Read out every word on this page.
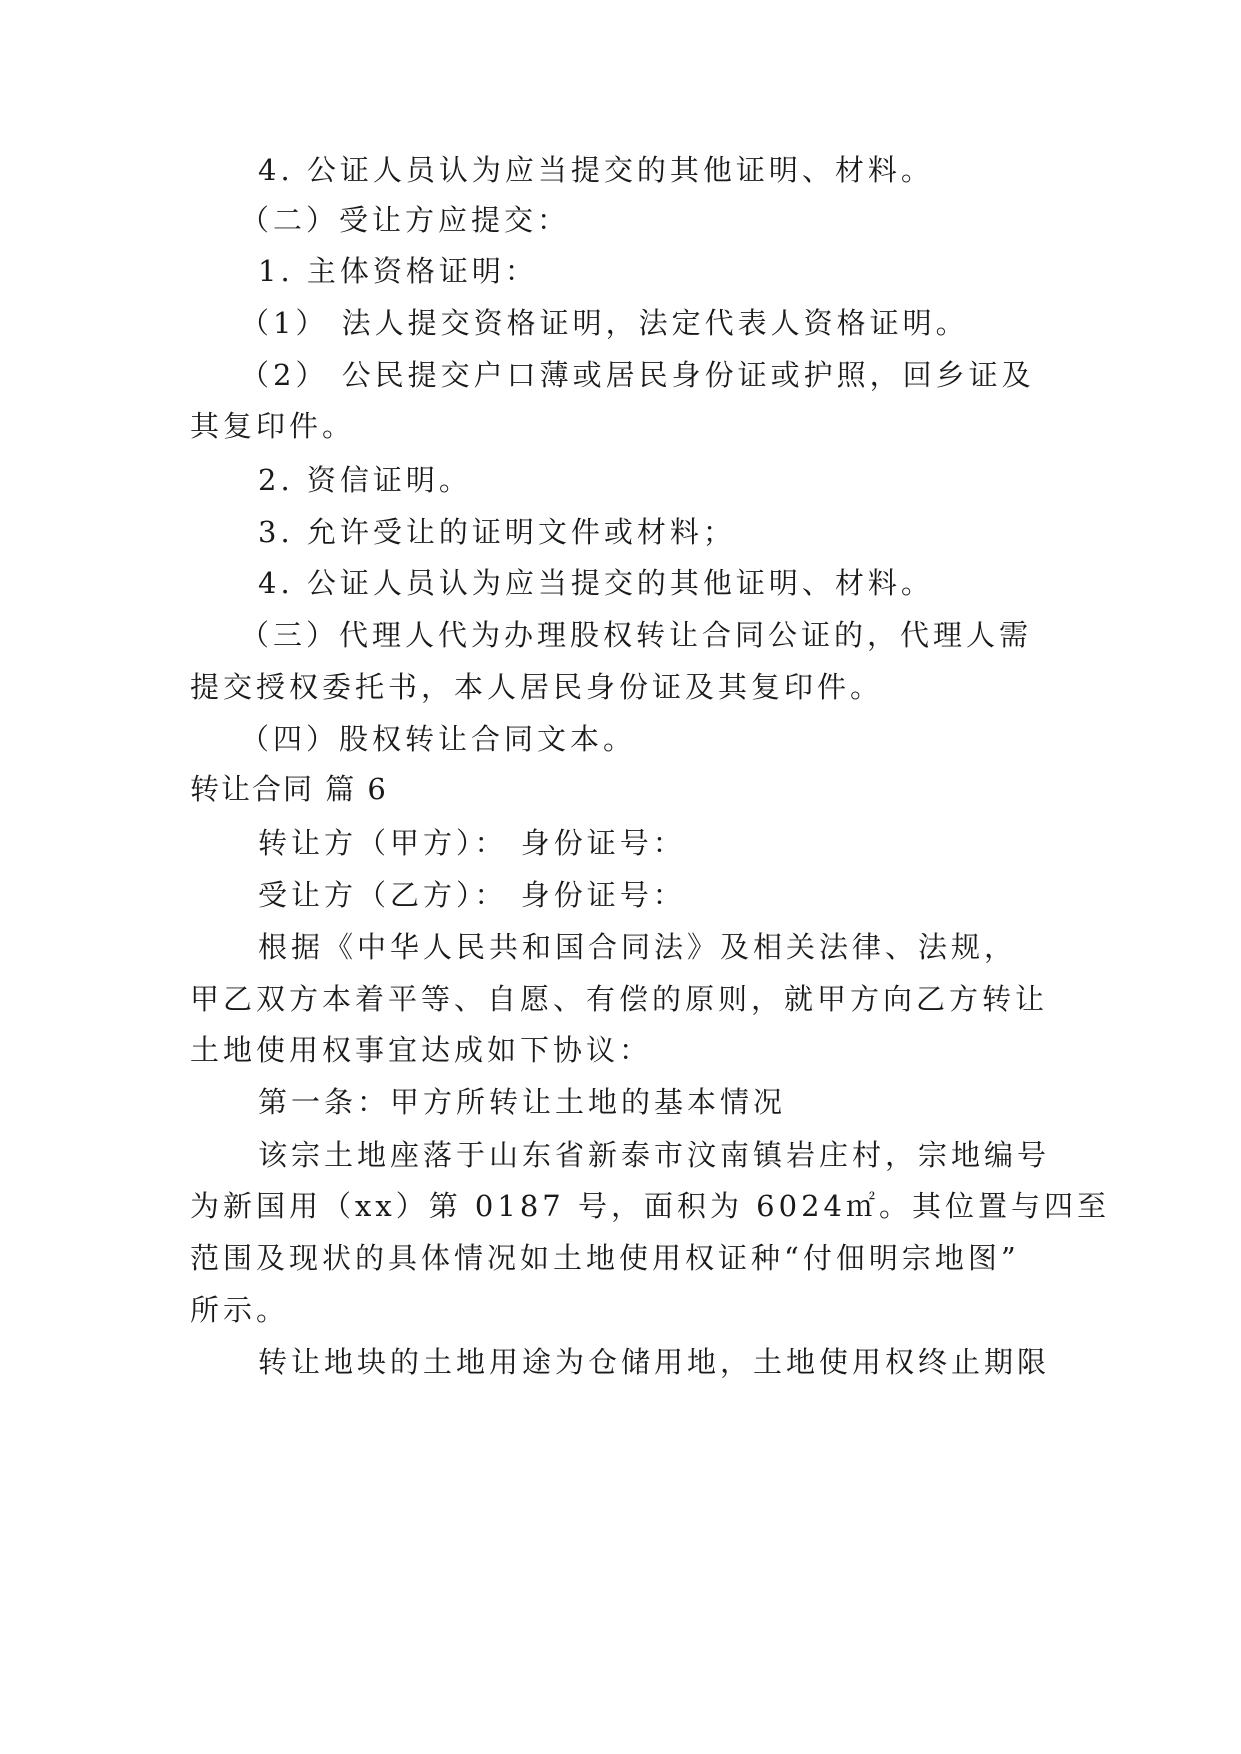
4. 公证人员认为应当提交的其他证明、材料。
（二）受让方应提交：
1. 主体资格证明：
（1） 法人提交资格证明，法定代表人资格证明。
（2） 公民提交户口薄或居民身份证或护照，回乡证及
其复印件。
2. 资信证明。
3. 允许受让的证明文件或材料；
4. 公证人员认为应当提交的其他证明、材料。
（三）代理人代为办理股权转让合同公证的，代理人需
提交授权委托书，本人居民身份证及其复印件。
（四）股权转让合同文本。
转让合同 篇 6
转让方（甲方）： 身份证号：
受让方（乙方）： 身份证号：
根据《中华人民共和国合同法》及相关法律、法规，
甲乙双方本着平等、自愿、有偿的原则，就甲方向乙方转让
土地使用权事宜达成如下协议：
第一条：甲方所转让土地的基本情况
该宗土地座落于山东省新泰市汶南镇岩庄村，宗地编号
为新国用（xx）第 0187 号，面积为 6024㎡。其位置与四至
范围及现状的具体情况如土地使用权证种“付佃明宗地图”
所示。
转让地块的土地用途为仓储用地，土地使用权终止期限
